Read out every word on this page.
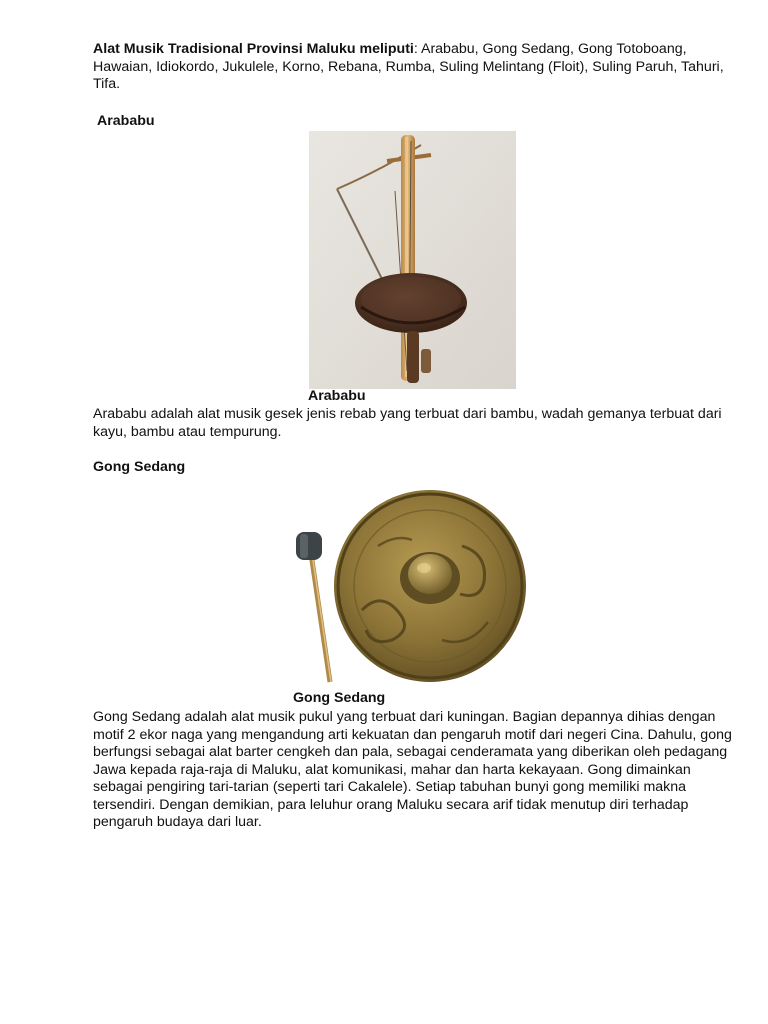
Alat Musik Tradisional Provinsi Maluku meliputi: Arababu, Gong Sedang, Gong Totoboang, Hawaian, Idiokordo, Jukulele, Korno, Rebana, Rumba, Suling Melintang (Floit), Suling Paruh, Tahuri, Tifa.
Arababu
Arababu
Arababu adalah alat musik gesek jenis rebab yang terbuat dari bambu, wadah gemanya terbuat dari kayu, bambu atau tempurung.
Gong Sedang
Gong Sedang
Gong Sedang adalah alat musik pukul yang terbuat dari kuningan. Bagian depannya dihias dengan motif 2 ekor naga yang mengandung arti kekuatan dan pengaruh motif dari negeri Cina. Dahulu, gong berfungsi sebagai alat barter cengkeh dan pala, sebagai cenderamata yang diberikan oleh pedagang Jawa kepada raja-raja di Maluku, alat komunikasi, mahar dan harta kekayaan. Gong dimainkan sebagai pengiring tari-tarian (seperti tari Cakalele). Setiap tabuhan bunyi gong memiliki makna tersendiri. Dengan demikian, para leluhur orang Maluku secara arif tidak menutup diri terhadap pengaruh budaya dari luar.
